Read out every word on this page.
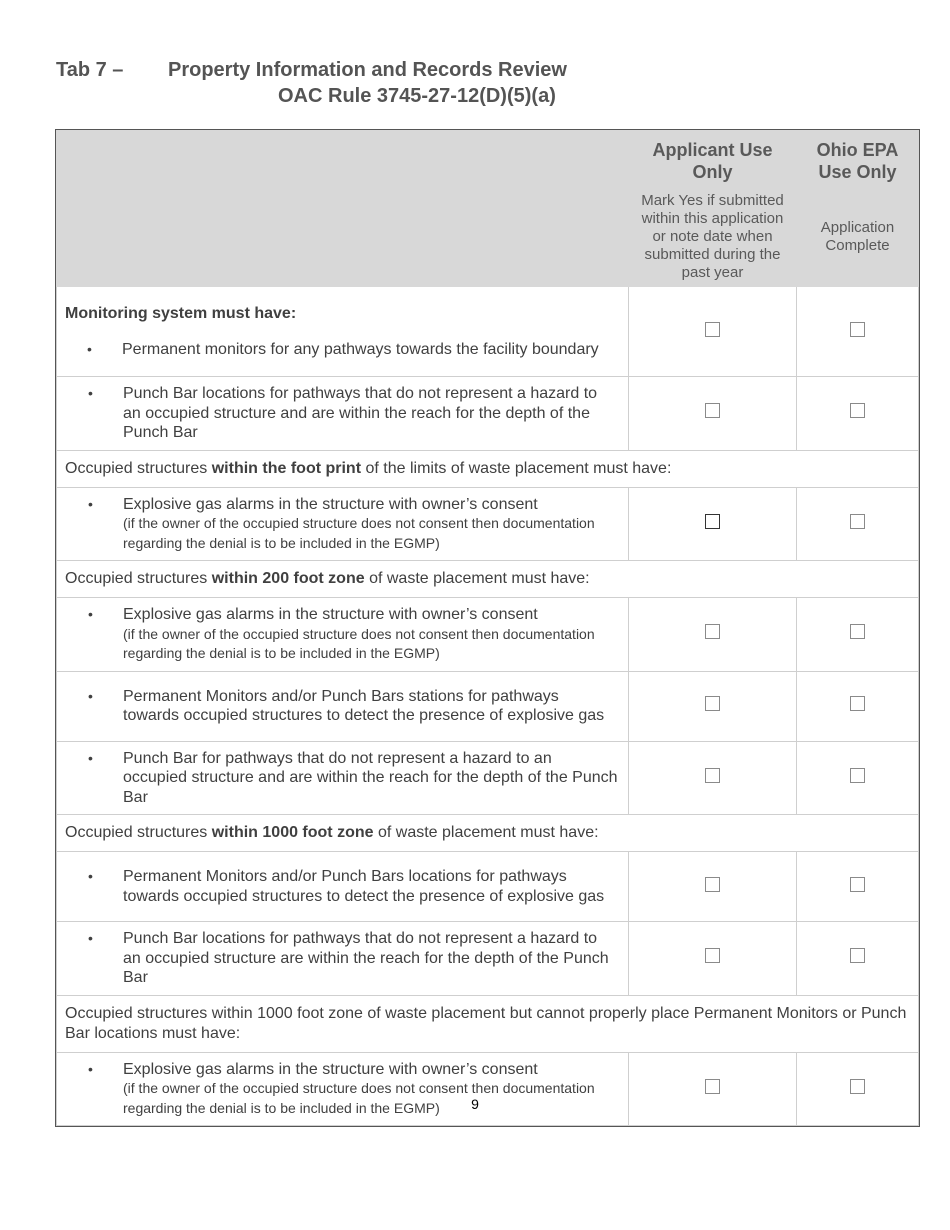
Tab 7 –	Property Information and Records Review
OAC Rule 3745-27-12(D)(5)(a)
	Applicant Use Only	Ohio EPA Use Only
	Mark Yes if submitted within this application or note date when submitted during the past year	Application Complete

Monitoring system must have:
• Permanent monitors for any pathways towards the facility boundary		

• Punch Bar locations for pathways that do not represent a hazard to an occupied structure and are within the reach for the depth of the Punch Bar		

Occupied structures within the foot print of the limits of waste placement must have:		

• Explosive gas alarms in the structure with owner’s consent
(if the owner of the occupied structure does not consent then documentation regarding the denial is to be included in the EGMP)		

Occupied structures within 200 foot zone of waste placement must have:		

• Explosive gas alarms in the structure with owner’s consent
(if the owner of the occupied structure does not consent then documentation regarding the denial is to be included in the EGMP)		

• Permanent Monitors and/or Punch Bars stations for pathways towards occupied structures to detect the presence of explosive gas		

• Punch Bar for pathways that do not represent a hazard to an occupied structure and are within the reach for the depth of the Punch Bar		

Occupied structures within 1000 foot zone of waste placement must have:		

• Permanent Monitors and/or Punch Bars locations for pathways towards occupied structures to detect the presence of explosive gas		

• Punch Bar locations for pathways that do not represent a hazard to an occupied structure are within the reach for the depth of the Punch Bar		

Occupied structures within 1000 foot zone of waste placement but cannot properly place Permanent Monitors or Punch Bar locations must have:		

• Explosive gas alarms in the structure with owner’s consent
(if the owner of the occupied structure does not consent then documentation regarding the denial is to be included in the EGMP)		
			9
